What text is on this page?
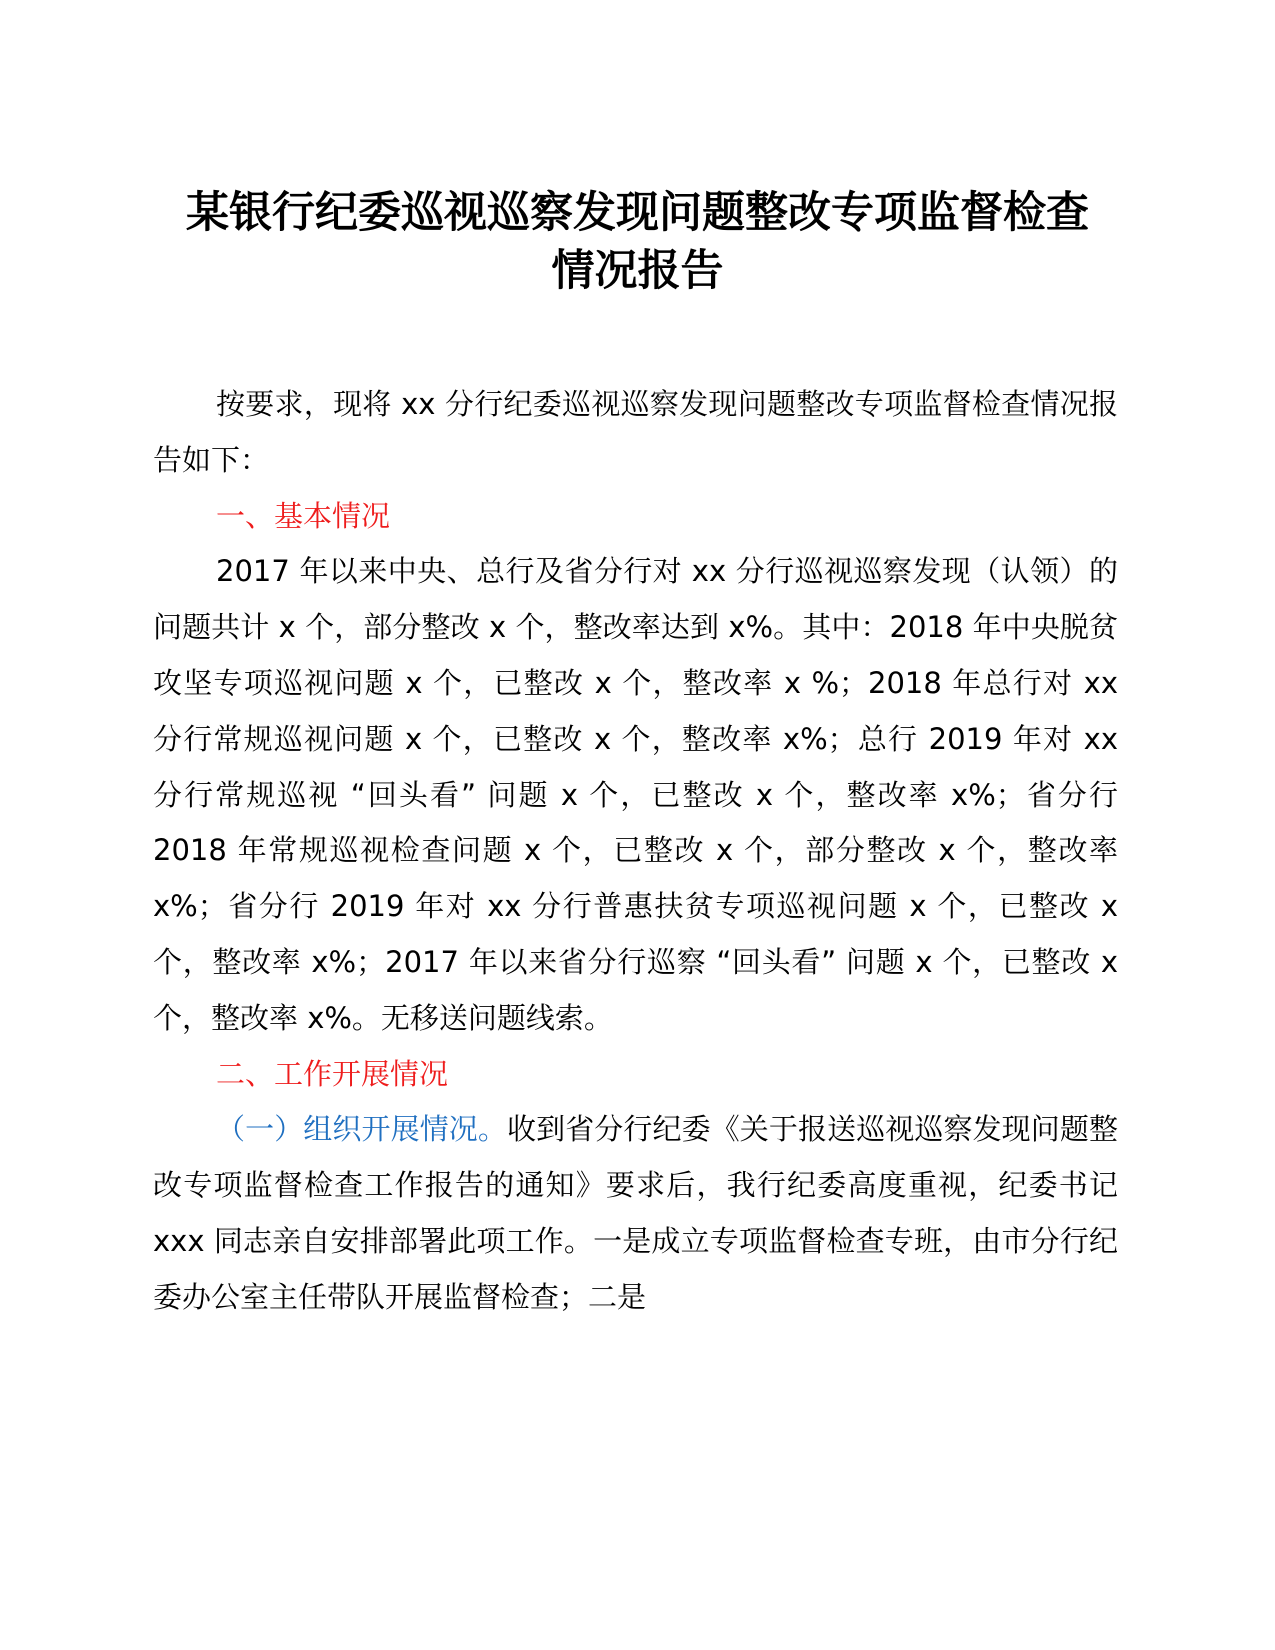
某银行纪委巡视巡察发现问题整改专项监督检查
情况报告

按要求，现将 xx 分行纪委巡视巡察发现问题整改专项监督检查情况报告如下：

一、基本情况

2017 年以来中央、总行及省分行对 xx 分行巡视巡察发现（认领）的问题共计 x 个，部分整改 x 个，整改率达到 x%。其中：2018 年中央脱贫攻坚专项巡视问题 x 个，已整改 x 个，整改率 x %；2018 年总行对 xx 分行常规巡视问题 x 个，已整改 x 个，整改率 x%；总行 2019 年对 xx 分行常规巡视 “回头看” 问题 x 个，已整改 x 个，整改率 x%；省分行 2018 年常规巡视检查问题 x 个，已整改 x 个，部分整改 x 个，整改率 x%；省分行 2019 年对 xx 分行普惠扶贫专项巡视问题 x 个，已整改 x 个，整改率 x%；2017 年以来省分行巡察 “回头看” 问题 x 个，已整改 x 个，整改率 x%。无移送问题线索。

二、工作开展情况

（一）组织开展情况。收到省分行纪委《关于报送巡视巡察发现问题整改专项监督检查工作报告的通知》要求后，我行纪委高度重视，纪委书记 xxx 同志亲自安排部署此项工作。一是成立专项监督检查专班，由市分行纪委办公室主任带队开展监督检查；二是
